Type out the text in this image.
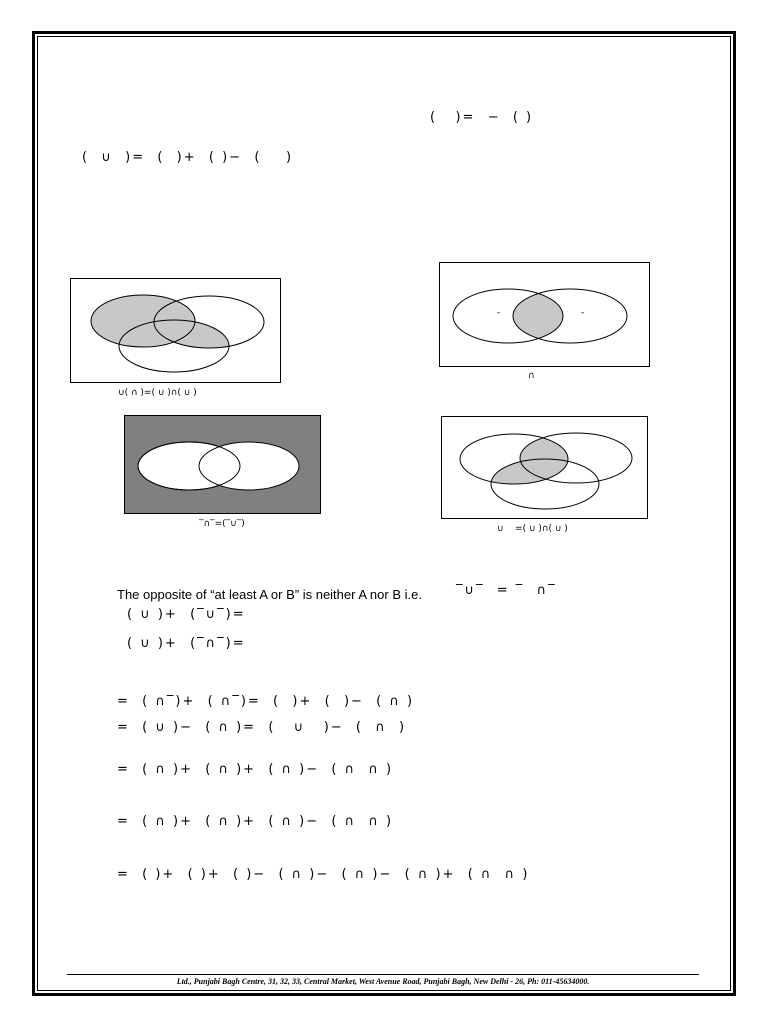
(   )=  −  ( )
(  ∪  )=  (  )+  ( )−  (    )
∪( ∩ )=( ∪ )∩( ∪ )
-	-
∩
‾∩‾=(‾∪‾)	∪    =( ∪ )∩( ∪ )
The opposite of “at least A or B” is neither A nor B i.e.	‾∪‾  = ‾  ∩‾
( ∪ )+  (‾∪‾)=
( ∪ )+  (‾∩‾)=
=  ( ∩‾)+  ( ∩‾)=  (  )+  (  )−  ( ∩ )
=  ( ∪ )−  ( ∩ )=  (   ∪   )−  (  ∩  )
=  ( ∩ )+  ( ∩ )+  ( ∩ )−  ( ∩  ∩ )
=  ( ∩ )+  ( ∩ )+  ( ∩ )−  ( ∩  ∩ )
=  ( )+  ( )+  ( )−  ( ∩ )−  ( ∩ )−  ( ∩ )+  ( ∩  ∩ )
Ltd., Punjabi Bagh Centre, 31, 32, 33, Central Market, West Avenue Road, Punjabi Bagh, New Delhi - 26, Ph: 011-45634000.
